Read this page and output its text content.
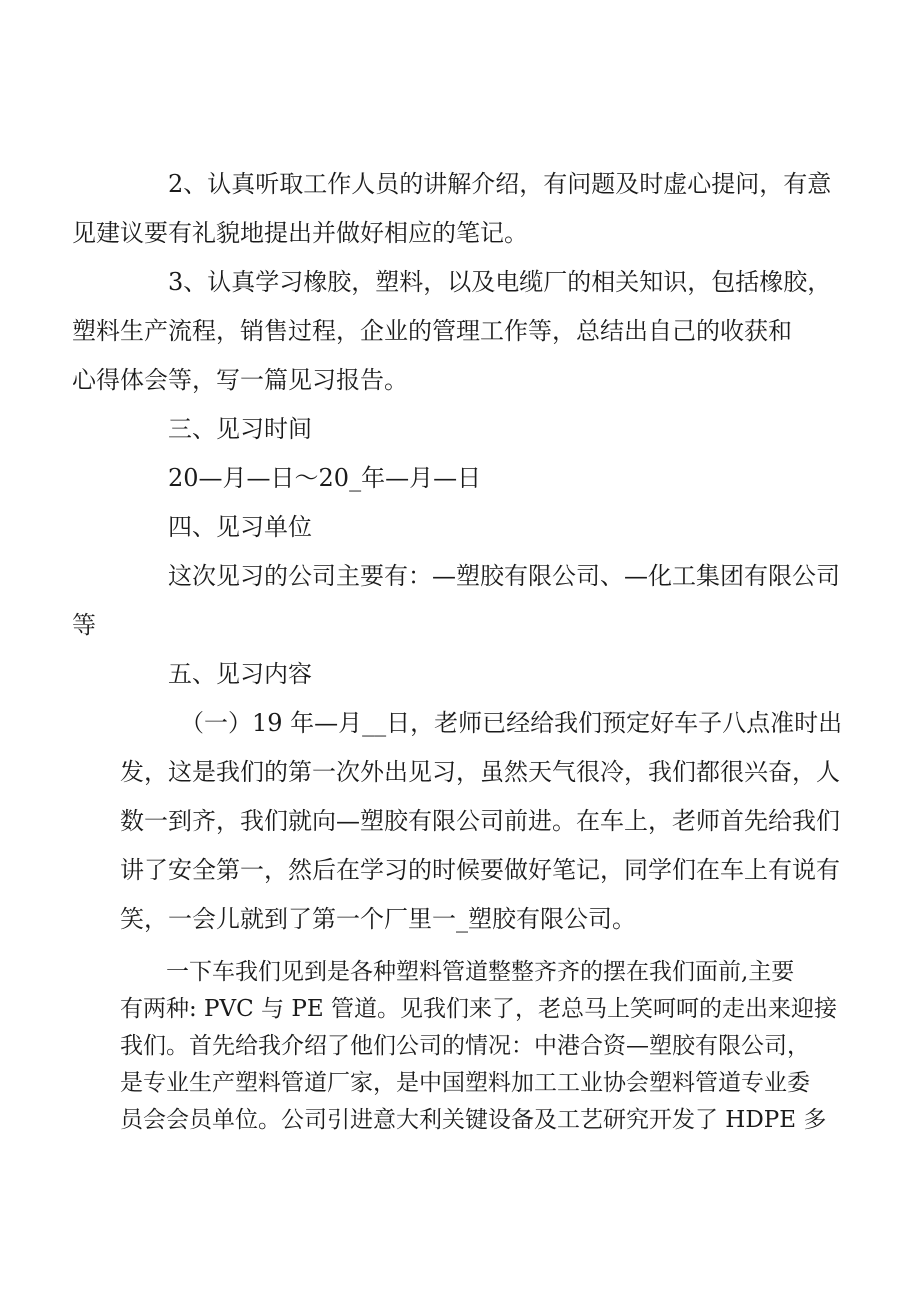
2、认真听取工作人员的讲解介绍，有问题及时虚心提问，有意
见建议要有礼貌地提出并做好相应的笔记。
3、认真学习橡胶，塑料，以及电缆厂的相关知识，包括橡胶，
塑料生产流程，销售过程，企业的管理工作等，总结出自己的收获和
心得体会等，写一篇见习报告。
三、见习时间
20—月—日～20_年—月—日
四、见习单位
这次见习的公司主要有：—塑胶有限公司、—化工集团有限公司
等
五、见习内容
（一）19 年—月__日，老师已经给我们预定好车子八点准时出
发，这是我们的第一次外出见习，虽然天气很冷，我们都很兴奋，人
数一到齐，我们就向—塑胶有限公司前进。在车上，老师首先给我们
讲了安全第一，然后在学习的时候要做好笔记，同学们在车上有说有
笑，一会儿就到了第一个厂里一_塑胶有限公司。
一下车我们见到是各种塑料管道整整齐齐的摆在我们面前,主要
有两种: PVC 与 PE 管道。见我们来了，老总马上笑呵呵的走出来迎接
我们。首先给我介绍了他们公司的情况：中港合资—塑胶有限公司，
是专业生产塑料管道厂家，是中国塑料加工工业协会塑料管道专业委
员会会员单位。公司引进意大利关键设备及工艺研究开发了 HDPE 多
